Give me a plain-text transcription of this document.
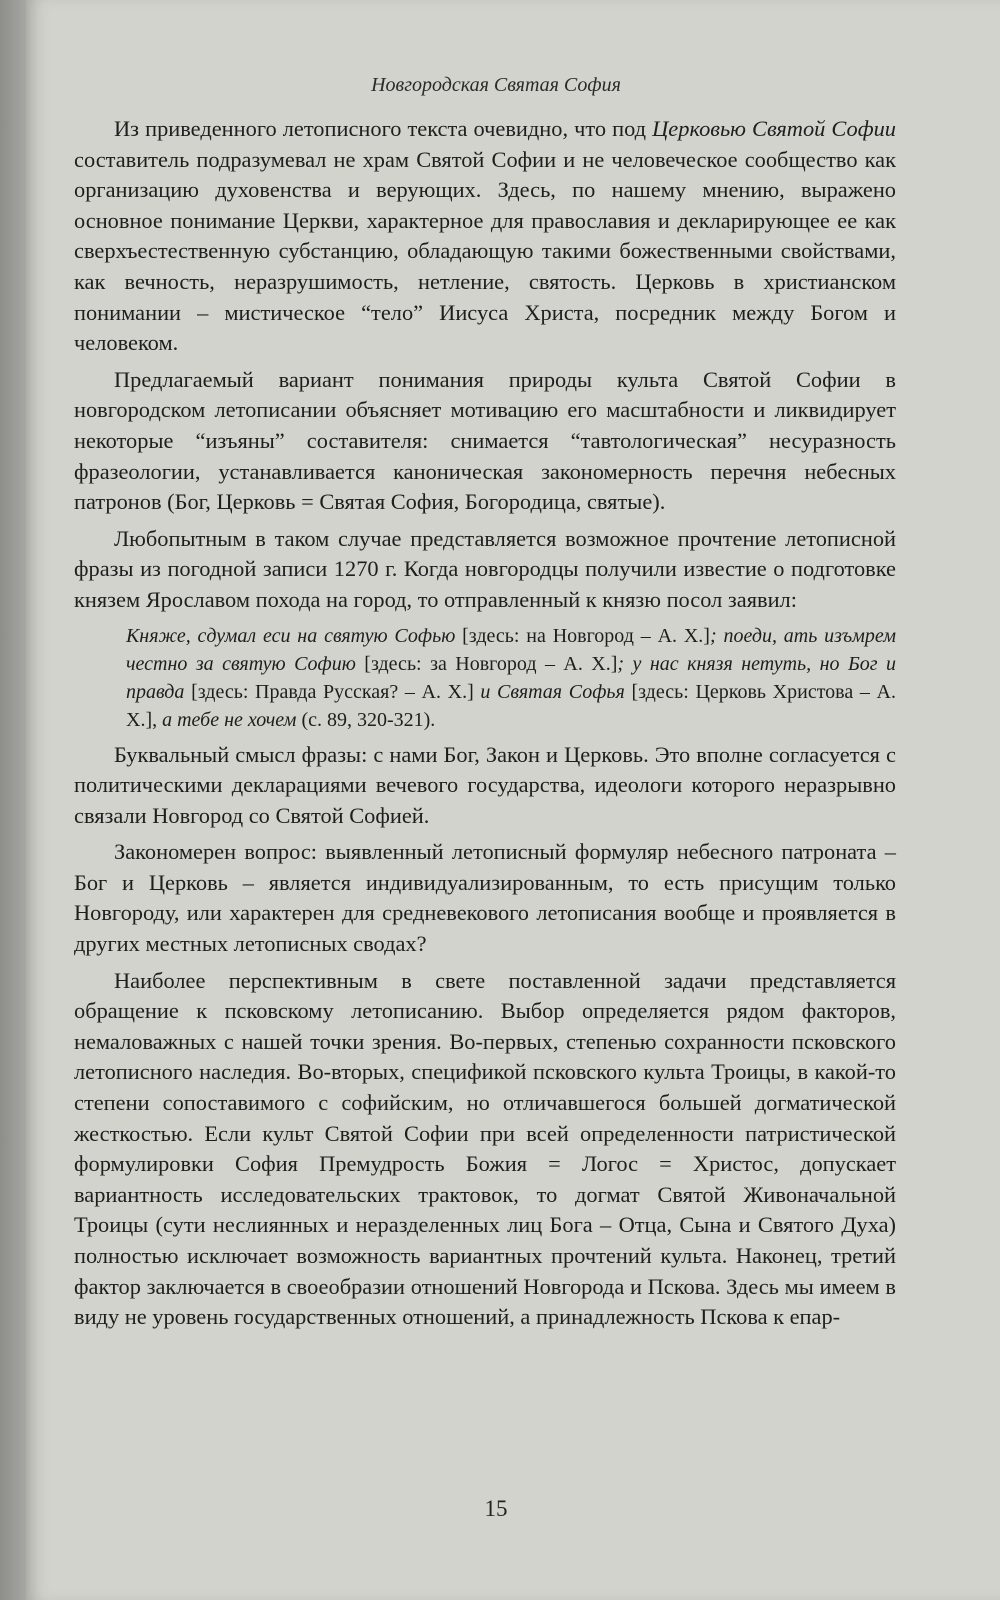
Новгородская Святая София

Из приведенного летописного текста очевидно, что под Церковью Святой Софии составитель подразумевал не храм Святой Софии и не человеческое сообщество как организацию духовенства и верующих. Здесь, по нашему мнению, выражено основное понимание Церкви, характерное для православия и декларирующее ее как сверхъестественную субстанцию, обладающую такими божественными свойствами, как вечность, неразрушимость, нетление, святость. Церковь в христианском понимании – мистическое “тело” Иисуса Христа, посредник между Богом и человеком.

Предлагаемый вариант понимания природы культа Святой Софии в новгородском летописании объясняет мотивацию его масштабности и ликвидирует некоторые “изъяны” составителя: снимается “тавтологическая” несуразность фразеологии, устанавливается каноническая закономерность перечня небесных патронов (Бог, Церковь = Святая София, Богородица, святые).

Любопытным в таком случае представляется возможное прочтение летописной фразы из погодной записи 1270 г. Когда новгородцы получили известие о подготовке князем Ярославом похода на город, то отправленный к князю посол заявил:

Княже, сдумал еси на святую Софью [здесь: на Новгород – А. Х.]; поеди, ать изъмрем честно за святую Софию [здесь: за Новгород – А. Х.]; у нас князя нетуть, но Бог и правда [здесь: Правда Русская? – А. Х.] и Святая Софья [здесь: Церковь Христова – А. Х.], а тебе не хочем (с. 89, 320-321).

Буквальный смысл фразы: с нами Бог, Закон и Церковь. Это вполне согласуется с политическими декларациями вечевого государства, идеологи которого неразрывно связали Новгород со Святой Софией.

Закономерен вопрос: выявленный летописный формуляр небесного патроната – Бог и Церковь – является индивидуализированным, то есть присущим только Новгороду, или характерен для средневекового летописания вообще и проявляется в других местных летописных сводах?

Наиболее перспективным в свете поставленной задачи представляется обращение к псковскому летописанию. Выбор определяется рядом факторов, немаловажных с нашей точки зрения. Во-первых, степенью сохранности псковского летописного наследия. Во-вторых, спецификой псковского культа Троицы, в какой-то степени сопоставимого с софийским, но отличавшегося большей догматической жесткостью. Если культ Святой Софии при всей определенности патристической формулировки София Премудрость Божия = Логос = Христос, допускает вариантность исследовательских трактовок, то догмат Святой Живоначальной Троицы (сути неслиянных и неразделенных лиц Бога – Отца, Сына и Святого Духа) полностью исключает возможность вариантных прочтений культа. Наконец, третий фактор заключается в своеобразии отношений Новгорода и Пскова. Здесь мы имеем в виду не уровень государственных отношений, а принадлежность Пскова к епар-

15
